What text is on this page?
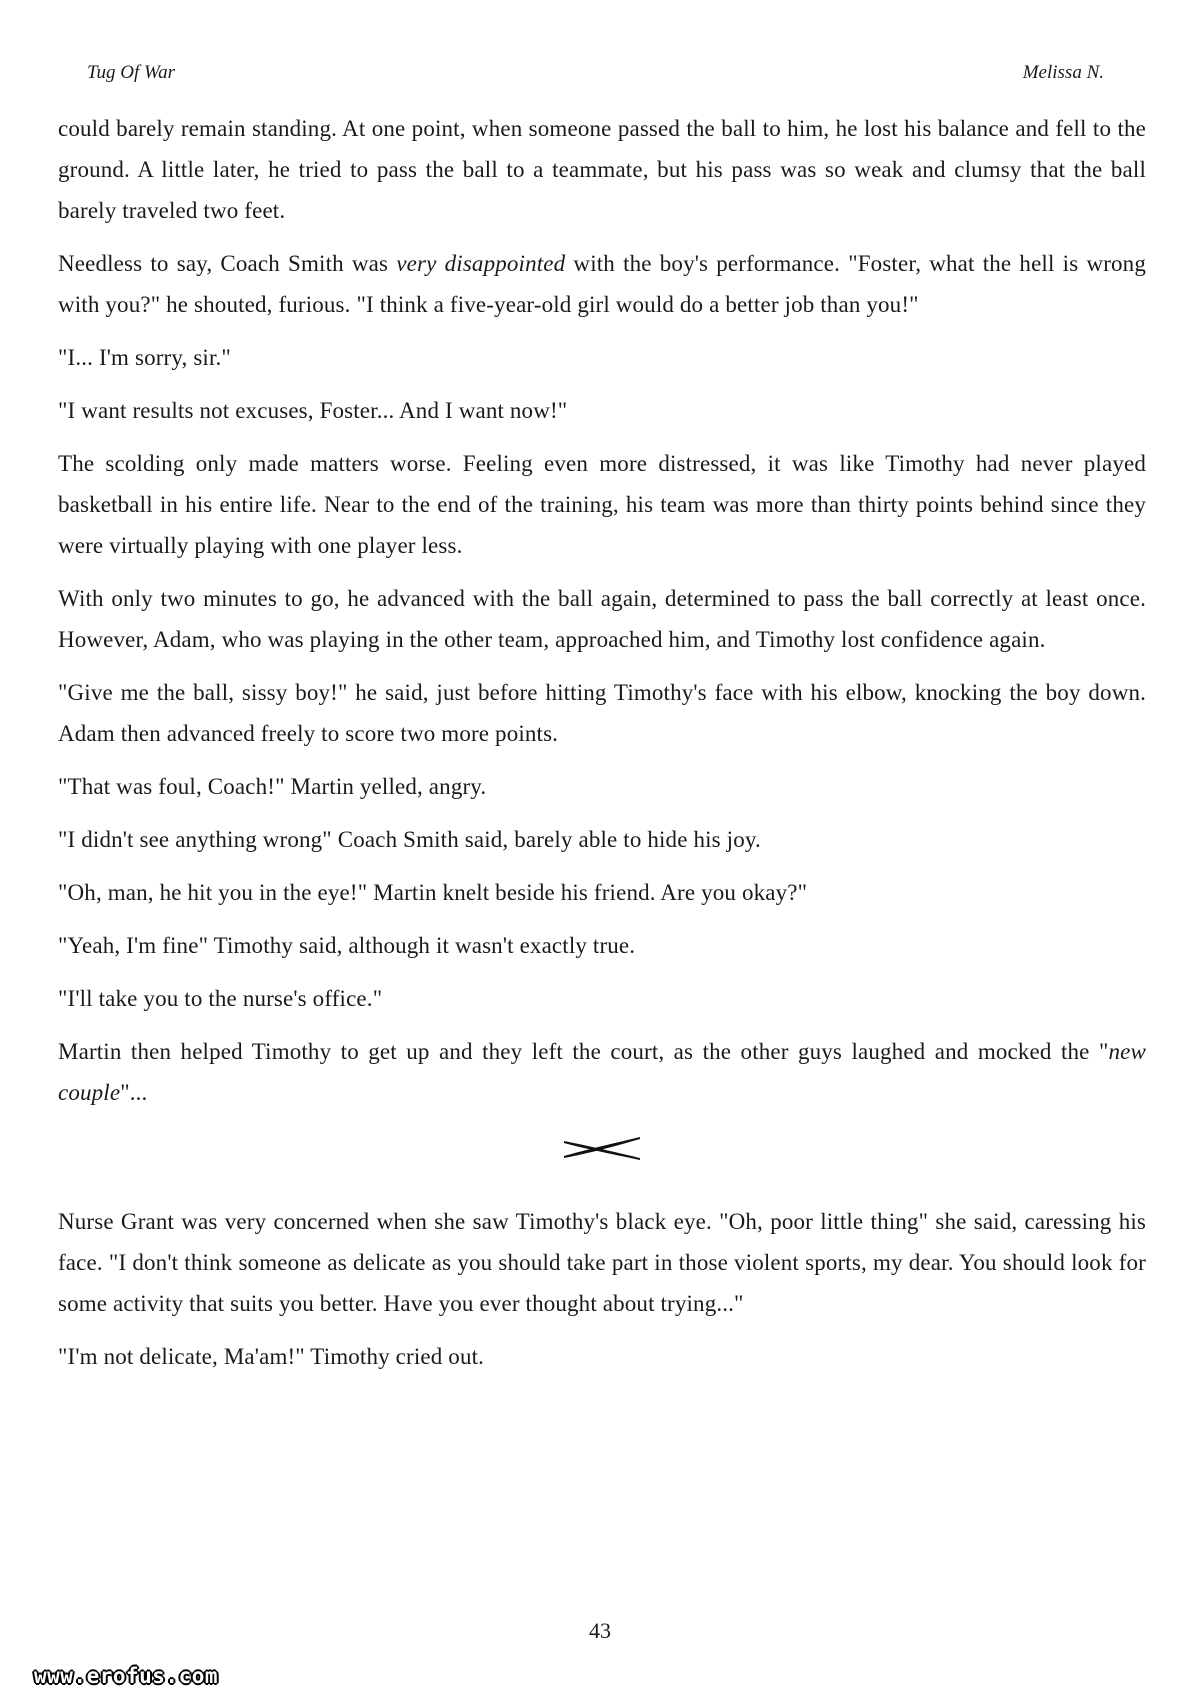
Tug Of War	Melissa N.

could barely remain standing. At one point, when someone passed the ball to him, he lost his balance and fell to the ground. A little later, he tried to pass the ball to a teammate, but his pass was so weak and clumsy that the ball barely traveled two feet.

Needless to say, Coach Smith was very disappointed with the boy's performance. "Foster, what the hell is wrong with you?" he shouted, furious. "I think a five-year-old girl would do a better job than you!"

"I... I'm sorry, sir."

"I want results not excuses, Foster... And I want now!"

The scolding only made matters worse. Feeling even more distressed, it was like Timothy had never played basketball in his entire life. Near to the end of the training, his team was more than thirty points behind since they were virtually playing with one player less.

With only two minutes to go, he advanced with the ball again, determined to pass the ball correctly at least once. However, Adam, who was playing in the other team, approached him, and Timothy lost confidence again.

"Give me the ball, sissy boy!" he said, just before hitting Timothy's face with his elbow, knocking the boy down. Adam then advanced freely to score two more points.

"That was foul, Coach!" Martin yelled, angry.

"I didn't see anything wrong" Coach Smith said, barely able to hide his joy.

"Oh, man, he hit you in the eye!" Martin knelt beside his friend. Are you okay?"

"Yeah, I'm fine" Timothy said, although it wasn't exactly true.

"I'll take you to the nurse's office."

Martin then helped Timothy to get up and they left the court, as the other guys laughed and mocked the "new couple"...

Nurse Grant was very concerned when she saw Timothy's black eye. "Oh, poor little thing" she said, caressing his face. "I don't think someone as delicate as you should take part in those violent sports, my dear. You should look for some activity that suits you better. Have you ever thought about trying..."

"I'm not delicate, Ma'am!" Timothy cried out.

43
www.erofus.com
